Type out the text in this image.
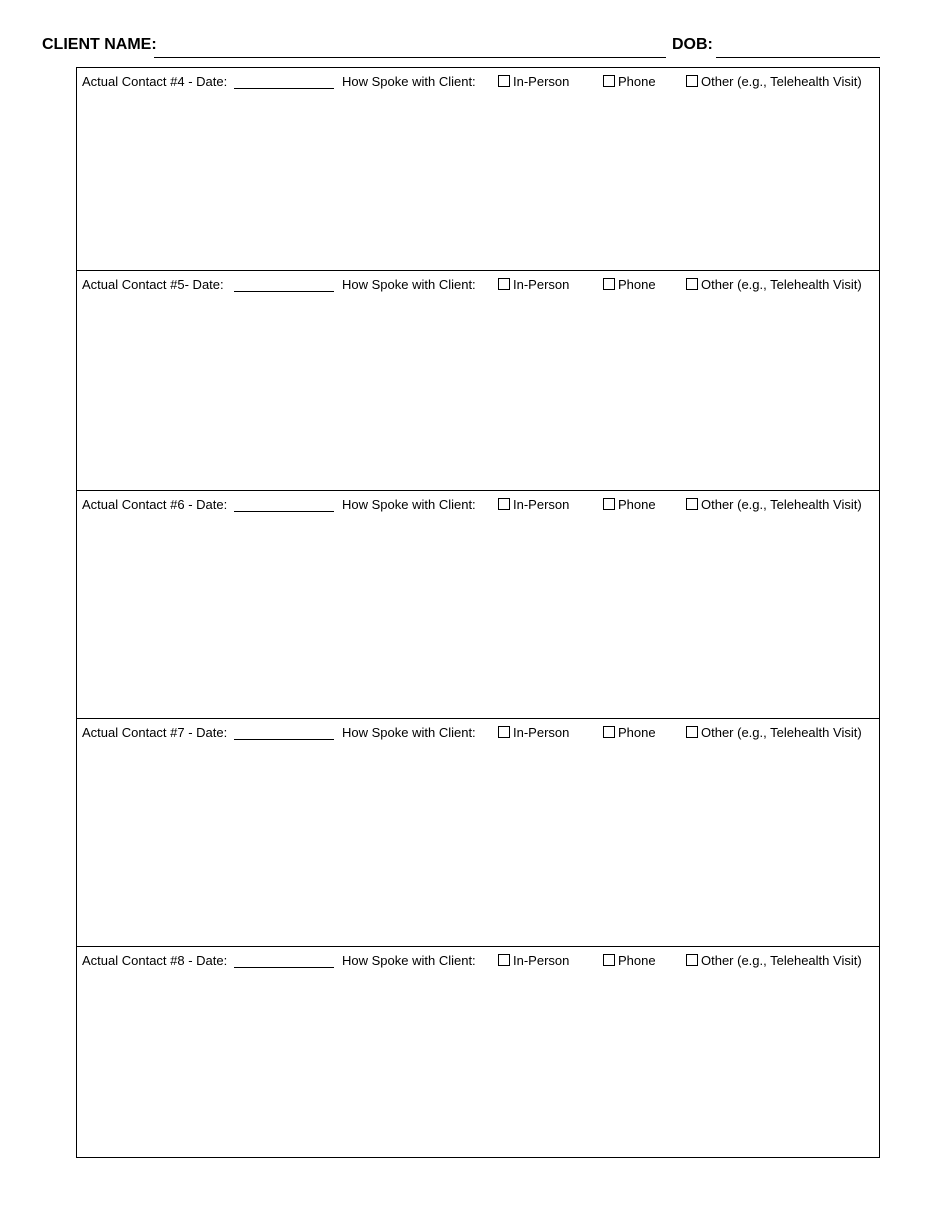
CLIENT NAME:	DOB:
Actual Contact #4 - Date:	How Spoke with Client:	In-Person	Phone	Other (e.g., Telehealth Visit)
Actual Contact #5- Date:	How Spoke with Client:	In-Person	Phone	Other (e.g., Telehealth Visit)
Actual Contact #6 - Date:	How Spoke with Client:	In-Person	Phone	Other (e.g., Telehealth Visit)
Actual Contact #7 - Date:	How Spoke with Client:	In-Person	Phone	Other (e.g., Telehealth Visit)
Actual Contact #8 - Date:	How Spoke with Client:	In-Person	Phone	Other (e.g., Telehealth Visit)
